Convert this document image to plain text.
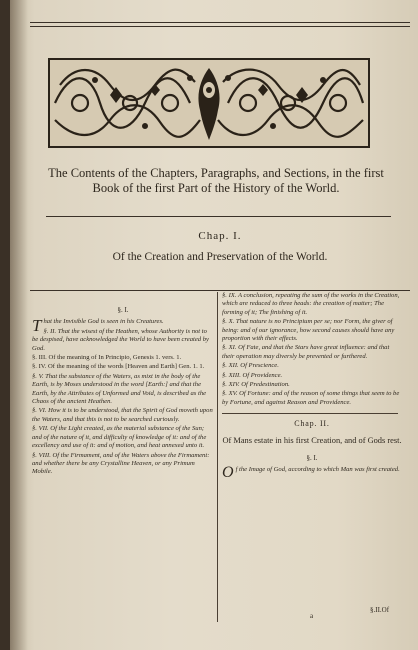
The Contents of the Chapters, Paragraphs, and Sections, in the first Book of the first Part of the History of the World.
Chap. I.
Of the Creation and Preservation of the World.
§. I.

That the Invisible God is seen in his Creatures.

§. II. That the wisest of the Heathen, whose Authority is not to be despised, have acknowledged the World to have been created by God.

§. III. Of the meaning of In Principio, Genesis 1. vers. 1.

§. IV. Of the meaning of the words [Heaven and Earth] Gen. 1. 1.

§. V. That the substance of the Waters, as mixt in the body of the Earth, is by Moses understood in the word [Earth:] and that the Earth, by the Attributes of Unformed and Void, is described as the Chaos of the ancient Heathen.

§. VI. How it is to be understood, that the Spirit of God moveth upon the Waters, and that this is not to be searched curiously.

§. VII. Of the Light created, as the material substance of the Sun; and of the nature of it, and difficulty of knowledge of it: and of the excellency and use of it: and of motion, and heat annexed unto it.

§. VIII. Of the Firmament, and of the Waters above the Firmament: and whether there be any Crystalline Heaven, or any Primum Mobile.

§. IX. A conclusion, repeating the sum of the works in the Creation, which are reduced to three heads: the creation of matter; The forming of it; The finishing of it.

§. X. That nature is no Principium per se; nor Form, the giver of being: and of our ignorance, how second causes should have any proportion with their effects.

§. XI. Of Fate, and that the Stars have great influence: and that their operation may diversly be prevented or furthered.

§. XII. Of Prescience.

§. XIII. Of Providence.

§. XIV. Of Predestination.

§. XV. Of Fortune: and of the reason of some things that seem to be by Fortune, and against Reason and Providence.

Chap. II.
Of Mans estate in his first Creation, and of Gods rest.
§. I.

Of the Image of God, according to which Man was first created.

§.II.Of
a
